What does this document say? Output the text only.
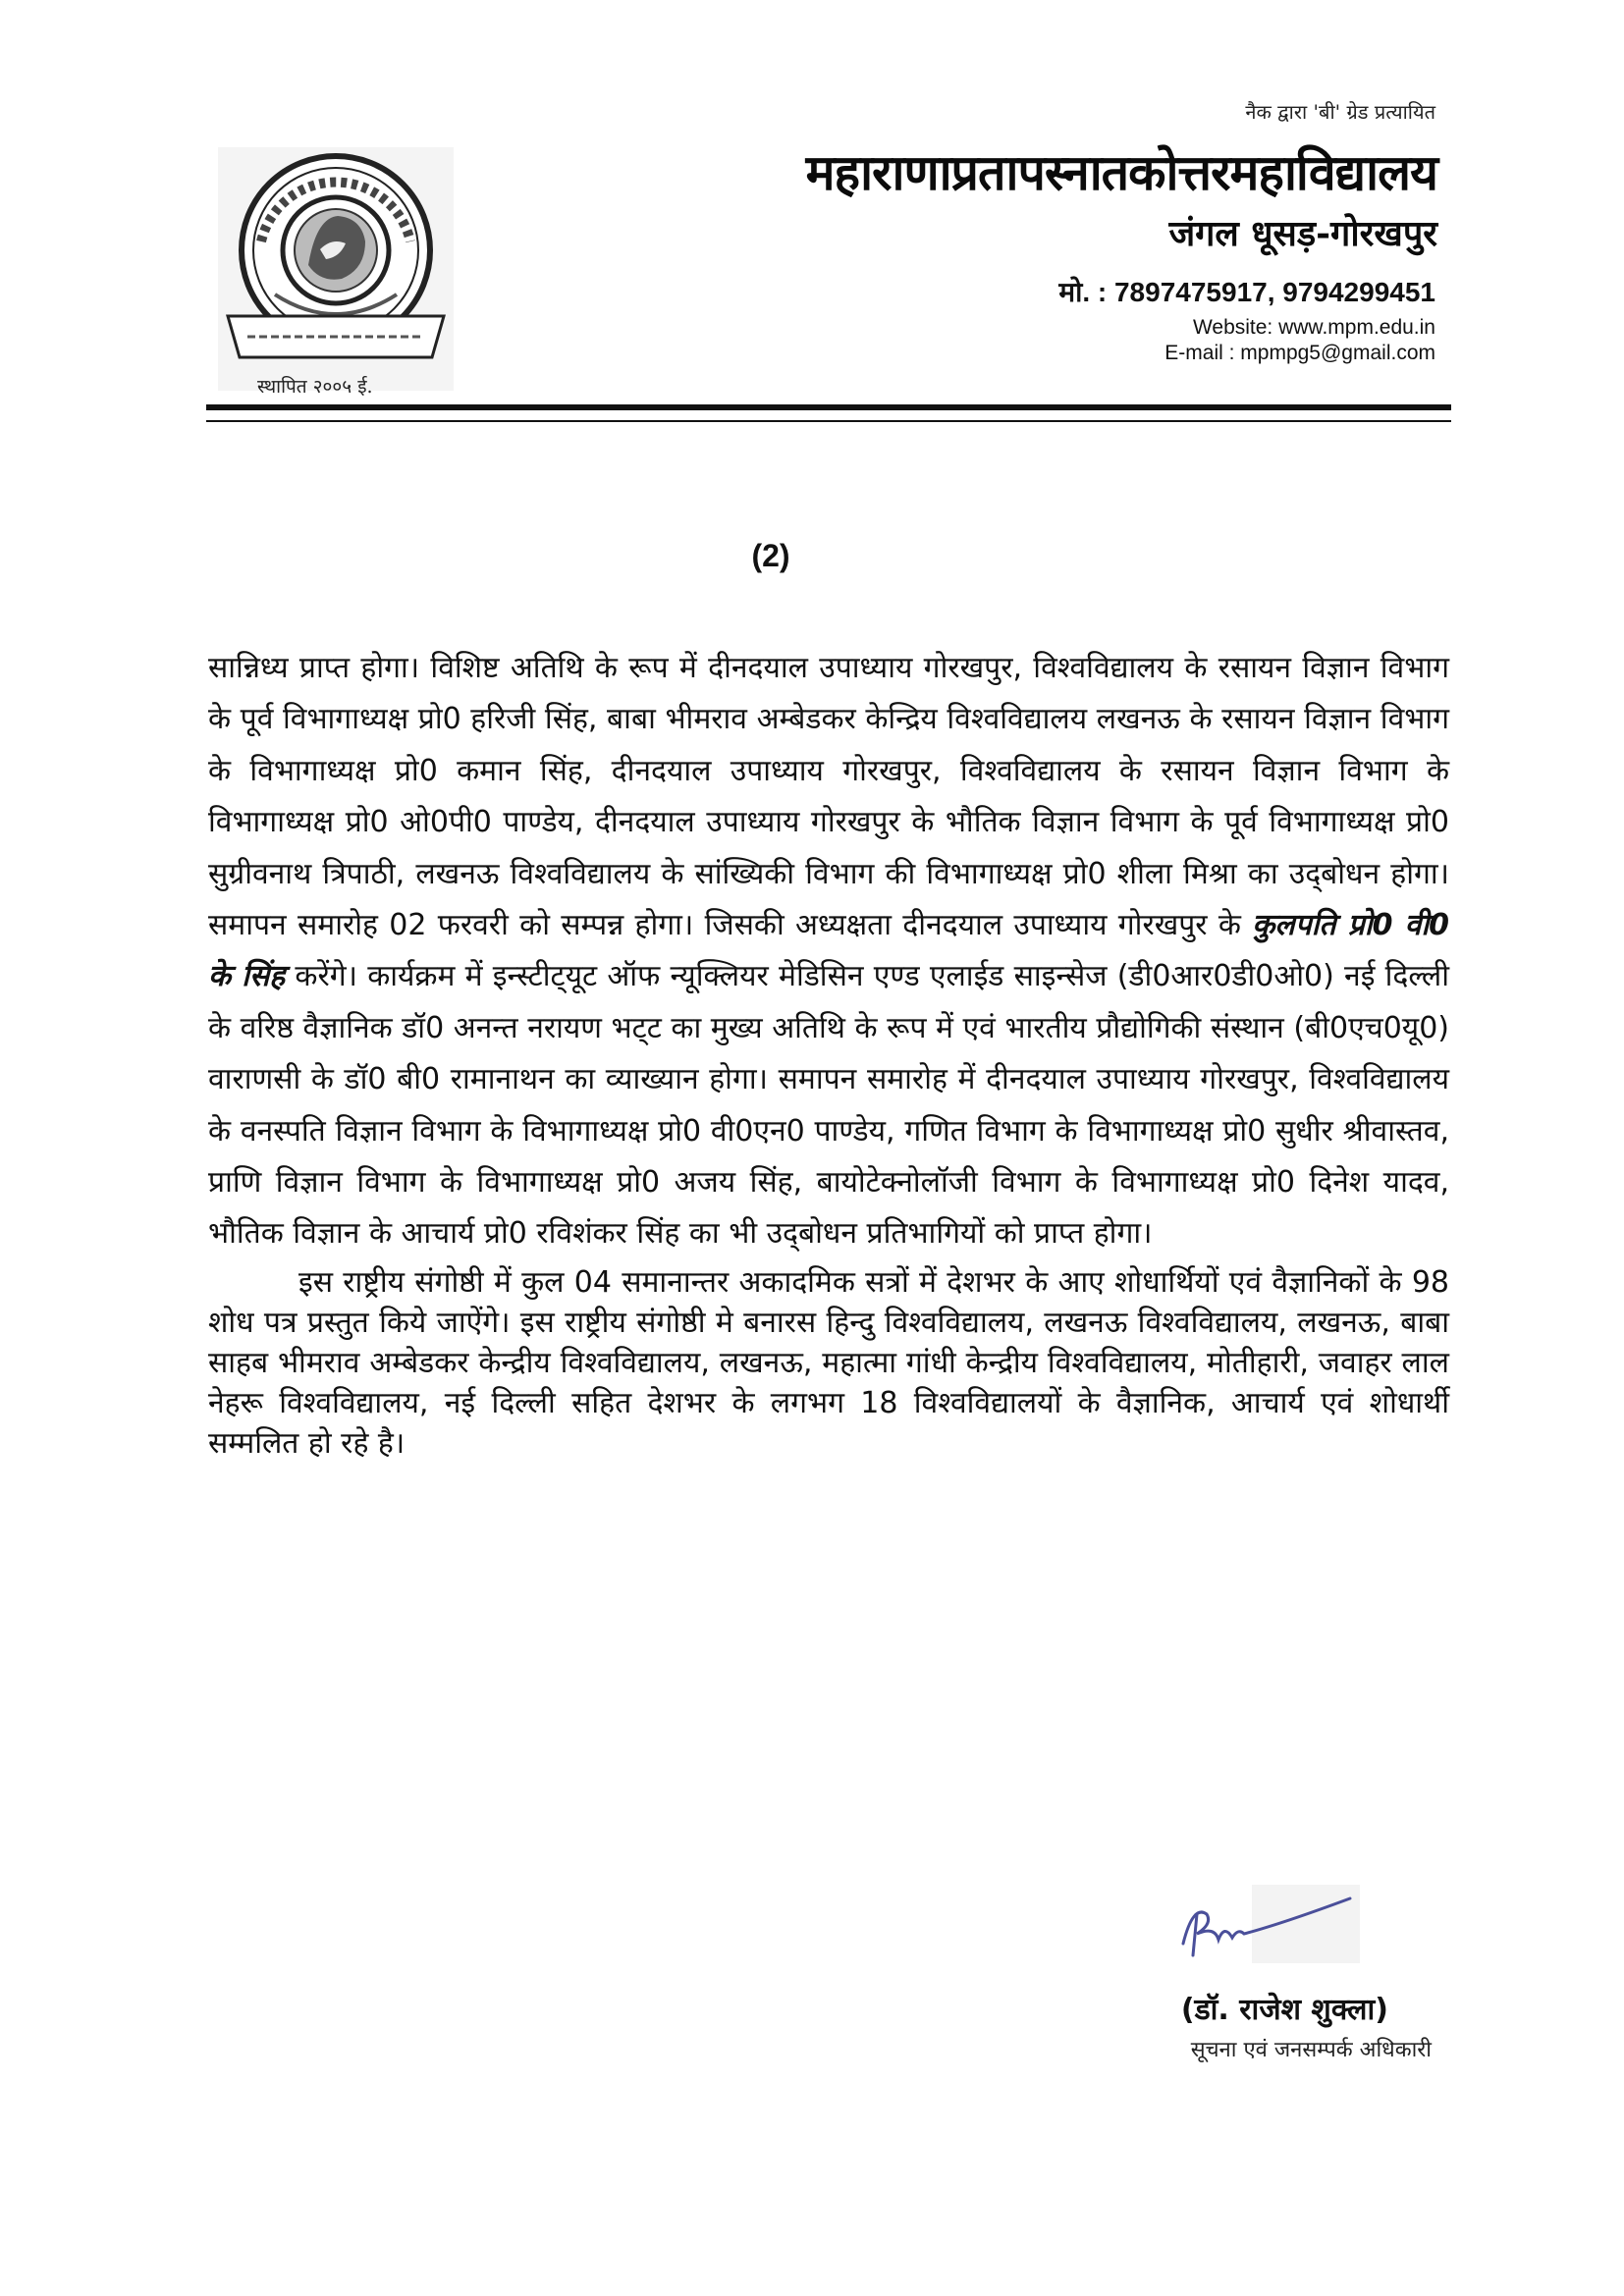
स्थापित २००५ ई.
नैक द्वारा 'बी' ग्रेड प्रत्यायित
महाराणाप्रतापस्नातकोत्तरमहाविद्यालय
जंगल धूसड़-गोरखपुर
मो. : 7897475917, 9794299451
Website: www.mpm.edu.in
E-mail : mpmpg5@gmail.com
(2)

सान्निध्य प्राप्त होगा। विशिष्ट अतिथि के रूप में दीनदयाल उपाध्याय गोरखपुर, विश्वविद्यालय के रसायन विज्ञान विभाग के पूर्व विभागाध्यक्ष प्रो0 हरिजी सिंह, बाबा भीमराव अम्बेडकर केन्द्रिय विश्वविद्यालय लखनऊ के रसायन विज्ञान विभाग के विभागाध्यक्ष प्रो0 कमान सिंह, दीनदयाल उपाध्याय गोरखपुर, विश्वविद्यालय के रसायन विज्ञान विभाग के विभागाध्यक्ष प्रो0 ओ0पी0 पाण्डेय, दीनदयाल उपाध्याय गोरखपुर के भौतिक विज्ञान विभाग के पूर्व विभागाध्यक्ष प्रो0 सुग्रीवनाथ त्रिपाठी, लखनऊ विश्वविद्यालय के सांख्यिकी विभाग की विभागाध्यक्ष प्रो0 शीला मिश्रा का उद्‌बोधन होगा। समापन समारोह 02 फरवरी को सम्पन्न होगा। जिसकी अध्यक्षता दीनदयाल उपाध्याय गोरखपुर के कुलपति प्रो0 वी0 के सिंह करेंगे। कार्यक्रम में इन्स्टीट्‌यूट ऑफ न्यूक्लियर मेडिसिन एण्ड एलाईड साइन्सेज (डी0आर0डी0ओ0) नई दिल्ली के वरिष्ठ वैज्ञानिक डॉ0 अनन्त नरायण भट्‌ट का मुख्य अतिथि के रूप में एवं भारतीय प्रौद्योगिकी संस्थान (बी0एच0यू0) वाराणसी के डॉ0 बी0 रामानाथन का व्याख्यान होगा। समापन समारोह में दीनदयाल उपाध्याय गोरखपुर, विश्वविद्यालय के वनस्पति विज्ञान विभाग के विभागाध्यक्ष प्रो0 वी0एन0 पाण्डेय, गणित विभाग के विभागाध्यक्ष प्रो0 सुधीर श्रीवास्तव, प्राणि विज्ञान विभाग के विभागाध्यक्ष प्रो0 अजय सिंह, बायोटेक्नोलॉजी विभाग के विभागाध्यक्ष प्रो0 दिनेश यादव, भौतिक विज्ञान के आचार्य प्रो0 रविशंकर सिंह का भी उद्‌बोधन प्रतिभागियों को प्राप्त होगा।

इस राष्ट्रीय संगोष्ठी में कुल 04 समानान्तर अकादमिक सत्रों में देशभर के आए शोधार्थियों एवं वैज्ञानिकों के 98 शोध पत्र प्रस्तुत किये जाऐंगे। इस राष्ट्रीय संगोष्ठी मे बनारस हिन्दु विश्वविद्यालय, लखनऊ विश्वविद्यालय, लखनऊ, बाबा साहब भीमराव अम्बेडकर केन्द्रीय विश्वविद्यालय, लखनऊ, महात्मा गांधी केन्द्रीय विश्वविद्यालय, मोतीहारी, जवाहर लाल नेहरू विश्वविद्यालय, नई दिल्ली सहित देशभर के लगभग 18 विश्वविद्यालयों के वैज्ञानिक, आचार्य एवं शोधार्थी सम्मलित हो रहे है।

(डॉ. राजेश शुक्ला)
सूचना एवं जनसम्पर्क अधिकारी
